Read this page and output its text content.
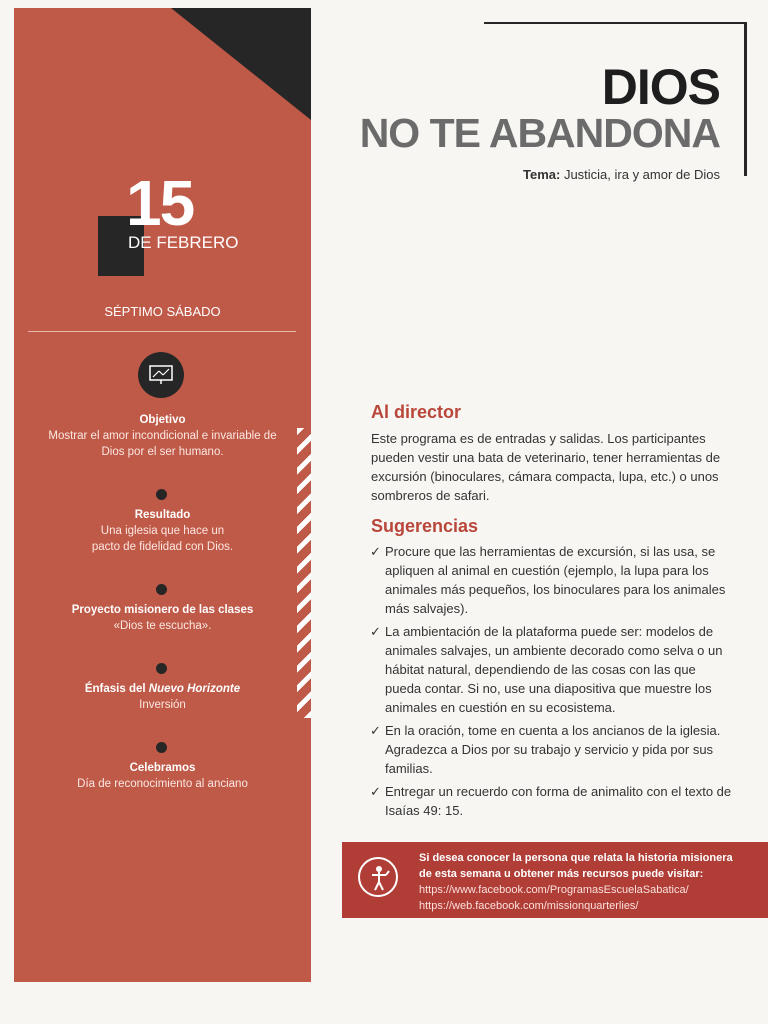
15
DE FEBRERO
SÉPTIMO SÁBADO
Objetivo
Mostrar el amor incondicional e invariable de Dios por el ser humano.
Resultado
Una iglesia que hace un pacto de fidelidad con Dios.
Proyecto misionero de las clases
«Dios te escucha».
Énfasis del Nuevo Horizonte
Inversión
Celebramos
Día de reconocimiento al anciano
DIOS
NO TE ABANDONA
Tema: Justicia, ira y amor de Dios
Al director
Este programa es de entradas y salidas. Los participantes pueden vestir una bata de veterinario, tener herramientas de excursión (binoculares, cámara compacta, lupa, etc.) o unos sombreros de safari.
Sugerencias
✓ Procure que las herramientas de excursión, si las usa, se apliquen al animal en cuestión (ejemplo, la lupa para los animales más pequeños, los binoculares para los animales más salvajes).
✓ La ambientación de la plataforma puede ser: modelos de animales salvajes, un ambiente decorado como selva o un hábitat natural, dependiendo de las cosas con las que pueda contar. Si no, use una diapositiva que muestre los animales en cuestión en su ecosistema.
✓ En la oración, tome en cuenta a los ancianos de la iglesia. Agradezca a Dios por su trabajo y servicio y pida por sus familias.
✓ Entregar un recuerdo con forma de animalito con el texto de Isaías 49: 15.
Si desea conocer la persona que relata la historia misionera
de esta semana u obtener más recursos puede visitar:
https://www.facebook.com/ProgramasEscuelaSabatica/
https://web.facebook.com/missionquarterlies/
